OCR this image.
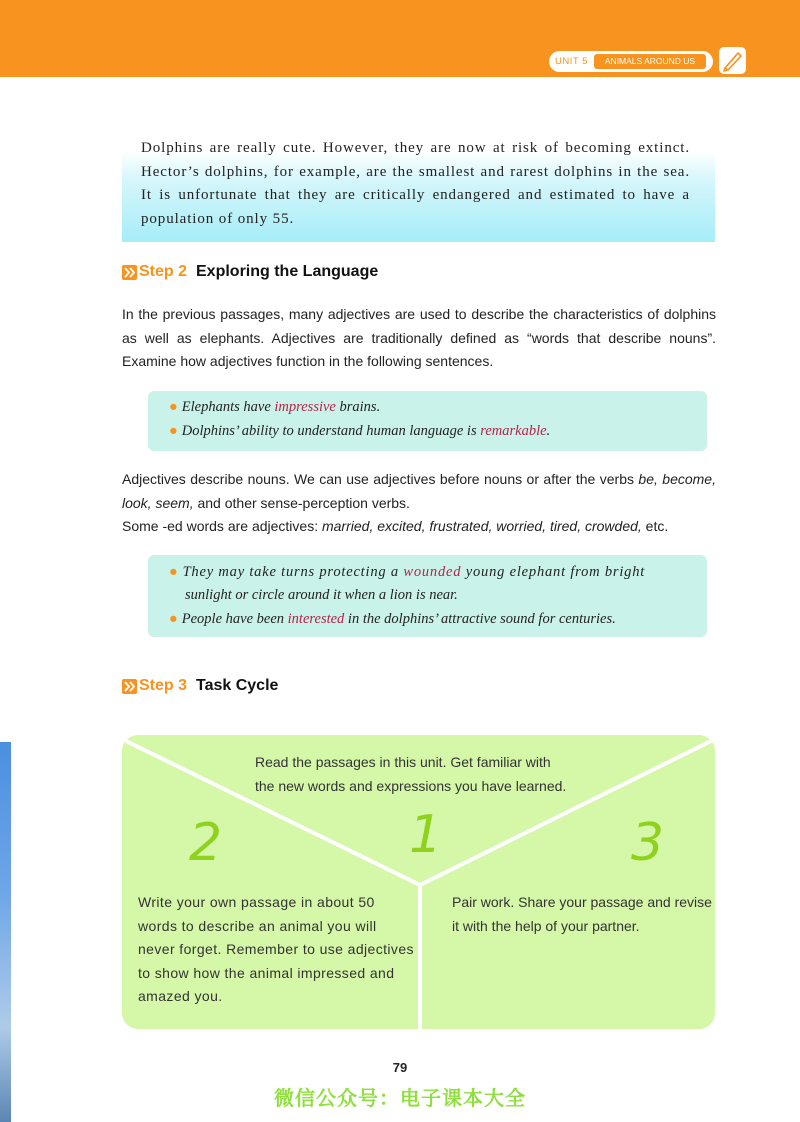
UNIT 5	ANIMALS AROUND US

Dolphins are really cute. However, they are now at risk of becoming extinct. Hector’s dolphins, for example, are the smallest and rarest dolphins in the sea. It is unfortunate that they are critically endangered and estimated to have a population of only 55.

Step 2 Exploring the Language

In the previous passages, many adjectives are used to describe the characteristics of dolphins as well as elephants. Adjectives are traditionally defined as “words that describe nouns”. Examine how adjectives function in the following sentences.

● Elephants have impressive brains.
● Dolphins’ ability to understand human language is remarkable.

Adjectives describe nouns. We can use adjectives before nouns or after the verbs be, become, look, seem, and other sense-perception verbs.

Some -ed words are adjectives: married, excited, frustrated, worried, tired, crowded, etc.

● They may take turns protecting a wounded young elephant from bright
sunlight or circle around it when a lion is near.
● People have been interested in the dolphins’ attractive sound for centuries.
Step 3 Task Cycle
2	1	3

Read the passages in this unit. Get familiar with
the new words and expressions you have learned.

Write your own passage in about 50
words to describe an animal you will
never forget. Remember to use adjectives
to show how the animal impressed and
amazed you.

Pair work. Share your passage and revise
it with the help of your partner.

79
微信公众号：电子课本大全
